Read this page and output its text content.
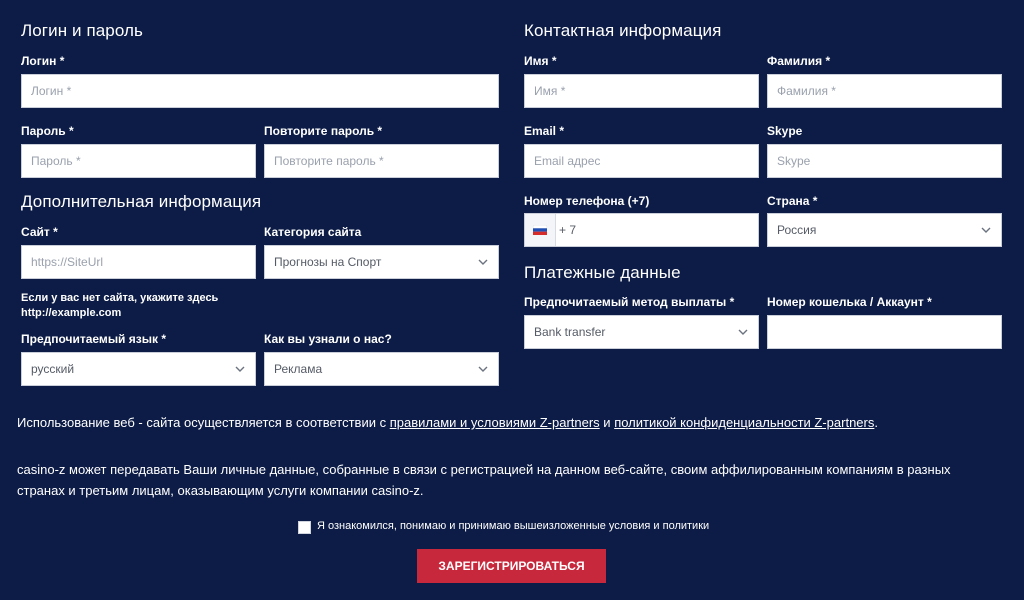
Логин и пароль
Логин *
Логин *
Пароль *
Пароль *
Повторите пароль *
Повторите пароль *
Дополнительная информация
Сайт *
https://SiteUrl
Категория сайта
Прогнозы на Спорт
Если у вас нет сайта, укажите здесь
http://example.com
Предпочитаемый язык *
русский
Как вы узнали о нас?
Реклама
Контактная информация
Имя *
Имя *
Фамилия *
Фамилия *
Email *
Email адрес
Skype
Skype
Номер телефона (+7)
+ 7
Страна *
Россия
Платежные данные
Предпочитаемый метод выплаты *
Bank transfer
Номер кошелька / Аккаунт *
Использование веб - сайта осуществляется в соответствии с правилами и условиями Z-partners и политикой конфиденциальности Z-partners.
casino-z может передавать Ваши личные данные, собранные в связи с регистрацией на данном веб-сайте, своим аффилированным компаниям в разных странах и третьим лицам, оказывающим услуги компании casino-z.
Я ознакомился, понимаю и принимаю вышеизложенные условия и политики
ЗАРЕГИСТРИРОВАТЬСЯ
